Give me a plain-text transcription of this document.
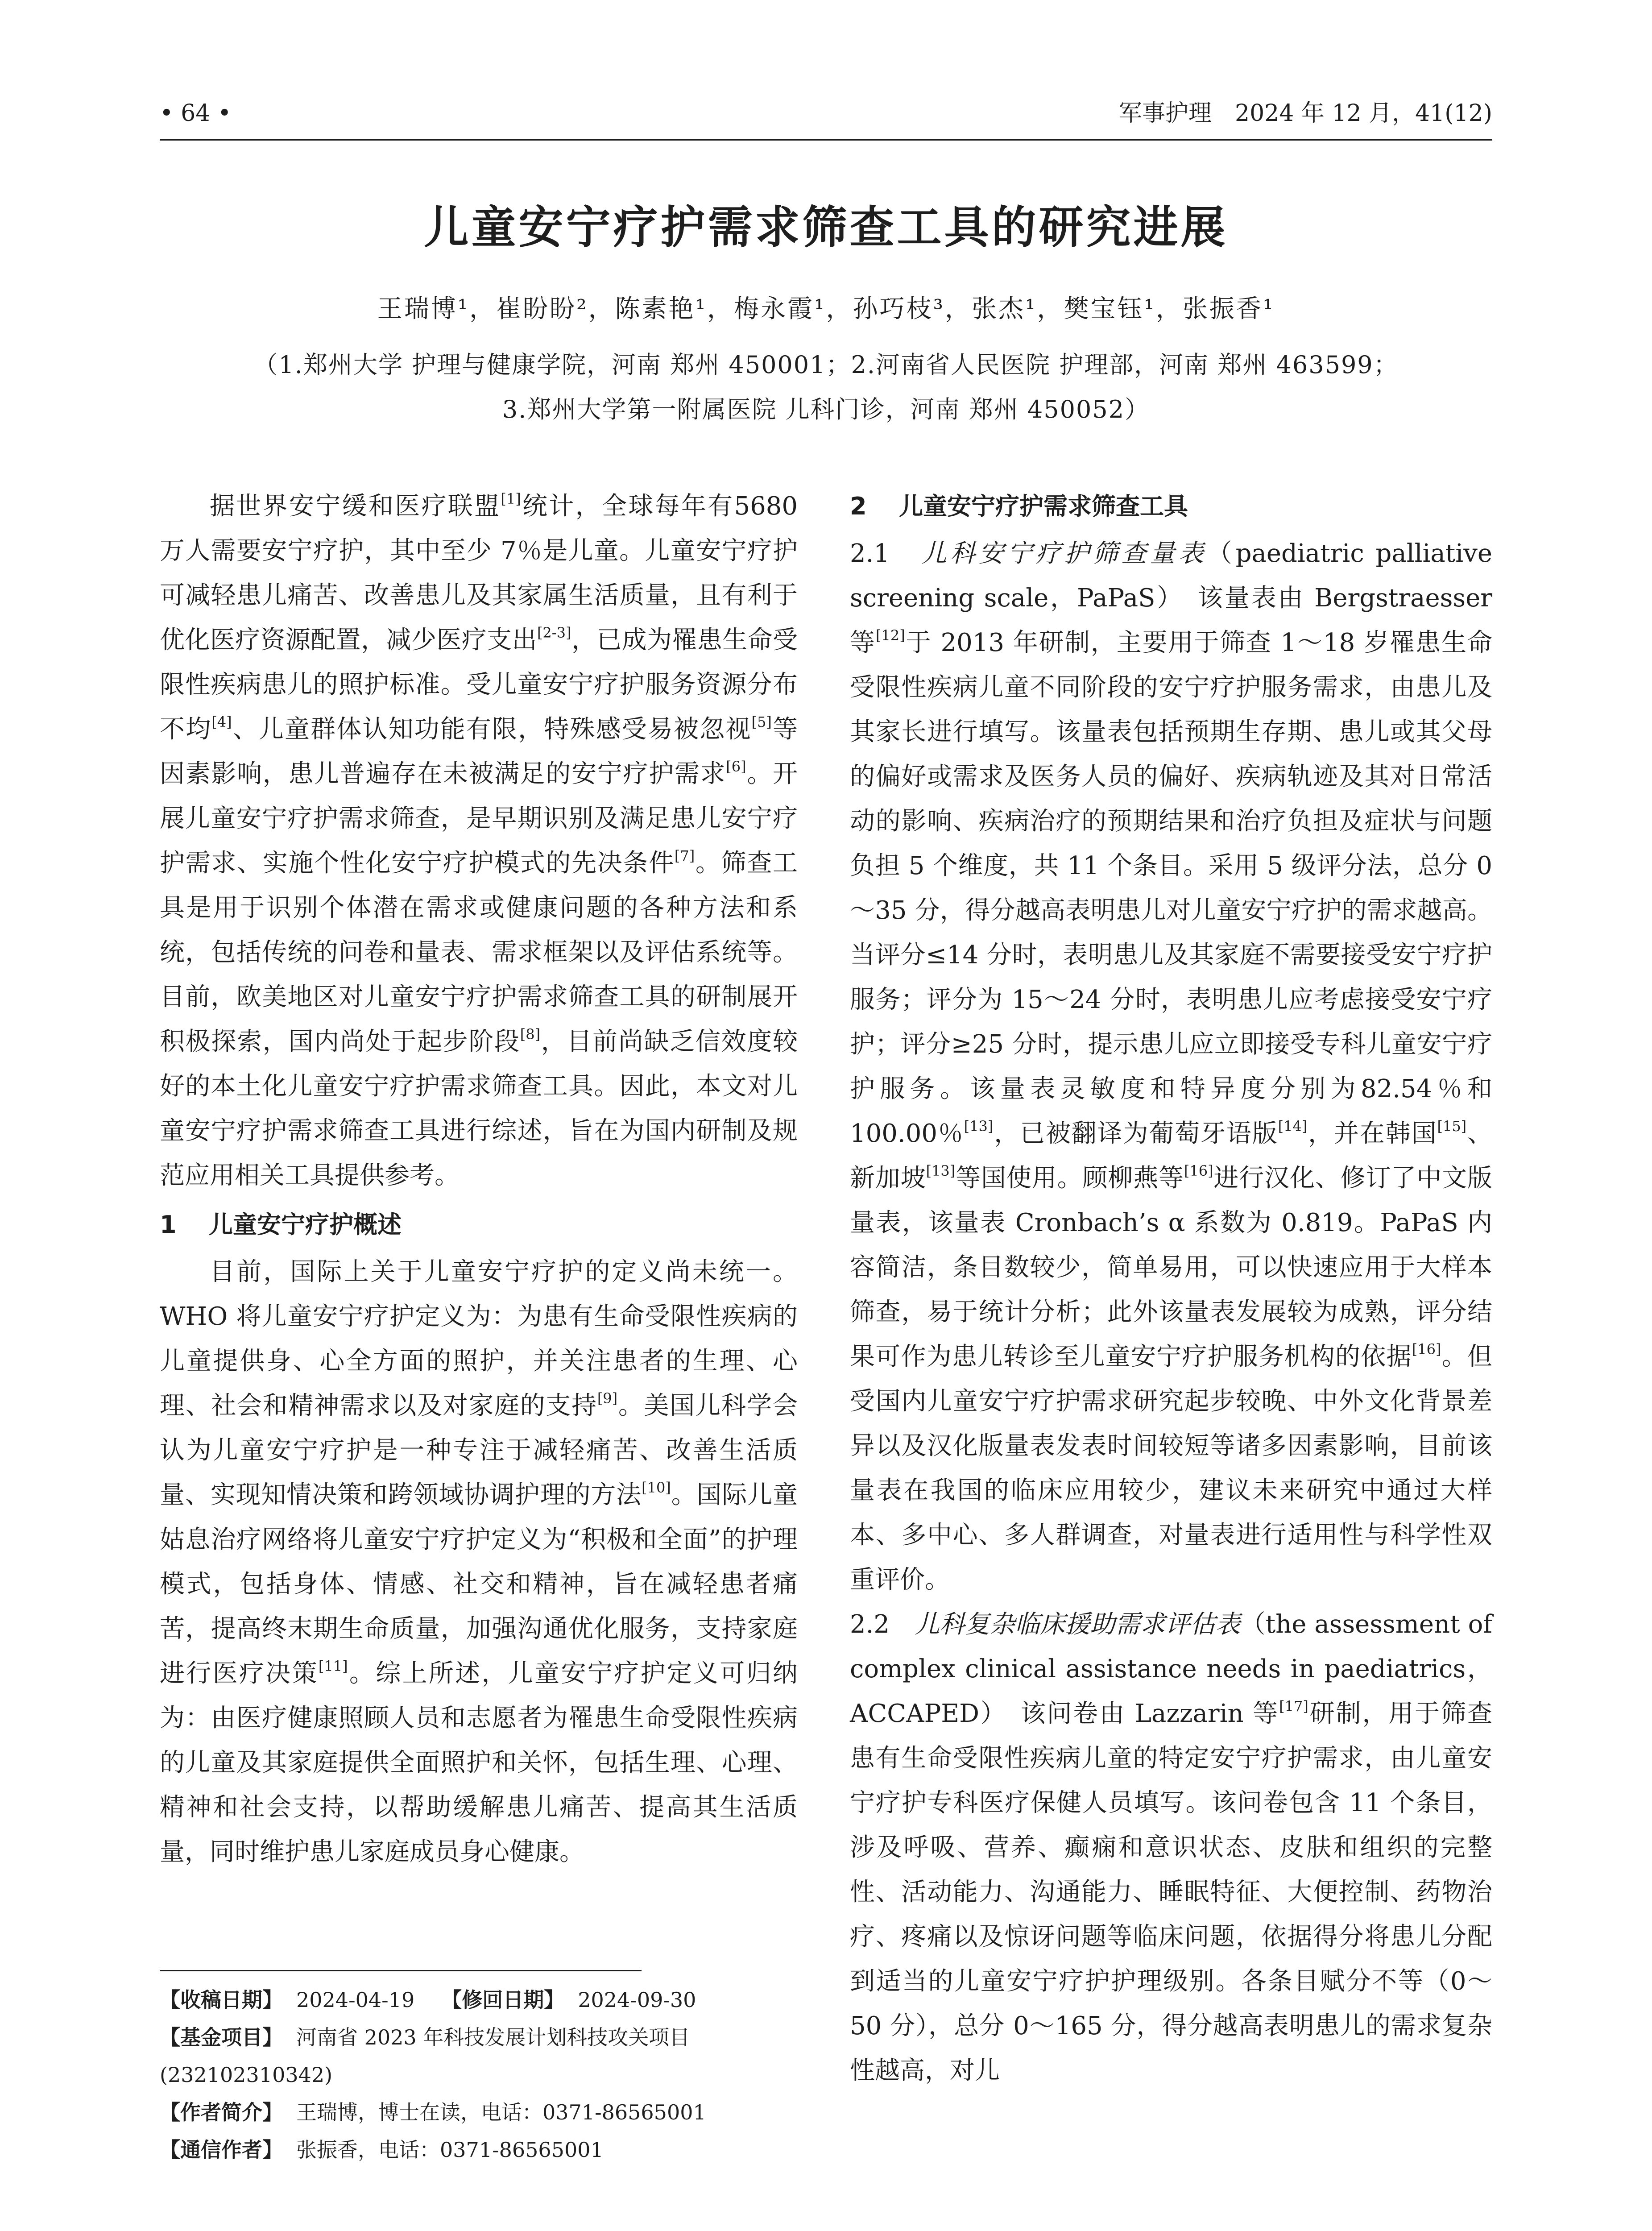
• 64 •	军事护理　2024 年 12 月，41(12)
儿童安宁疗护需求筛查工具的研究进展
王瑞博¹，崔盼盼²，陈素艳¹，梅永霞¹，孙巧枝³，张杰¹，樊宝钰¹，张振香¹
（1.郑州大学 护理与健康学院，河南 郑州 450001；2.河南省人民医院 护理部，河南 郑州 463599；
3.郑州大学第一附属医院 儿科门诊，河南 郑州 450052）

据世界安宁缓和医疗联盟[1]统计，全球每年有5680 万人需要安宁疗护，其中至少 7％是儿童。儿童安宁疗护可减轻患儿痛苦、改善患儿及其家属生活质量，且有利于优化医疗资源配置，减少医疗支出[2-3]，已成为罹患生命受限性疾病患儿的照护标准。受儿童安宁疗护服务资源分布不均[4]、儿童群体认知功能有限，特殊感受易被忽视[5]等因素影响，患儿普遍存在未被满足的安宁疗护需求[6]。开展儿童安宁疗护需求筛查，是早期识别及满足患儿安宁疗护需求、实施个性化安宁疗护模式的先决条件[7]。筛查工具是用于识别个体潜在需求或健康问题的各种方法和系统，包括传统的问卷和量表、需求框架以及评估系统等。目前，欧美地区对儿童安宁疗护需求筛查工具的研制展开积极探索，国内尚处于起步阶段[8]，目前尚缺乏信效度较好的本土化儿童安宁疗护需求筛查工具。因此，本文对儿童安宁疗护需求筛查工具进行综述，旨在为国内研制及规范应用相关工具提供参考。

1 儿童安宁疗护概述

目前，国际上关于儿童安宁疗护的定义尚未统一。WHO 将儿童安宁疗护定义为：为患有生命受限性疾病的儿童提供身、心全方面的照护，并关注患者的生理、心理、社会和精神需求以及对家庭的支持[9]。美国儿科学会认为儿童安宁疗护是一种专注于减轻痛苦、改善生活质量、实现知情决策和跨领域协调护理的方法[10]。国际儿童姑息治疗网络将儿童安宁疗护定义为“积极和全面”的护理模式，包括身体、情感、社交和精神，旨在减轻患者痛苦，提高终末期生命质量，加强沟通优化服务，支持家庭进行医疗决策[11]。综上所述，儿童安宁疗护定义可归纳为：由医疗健康照顾人员和志愿者为罹患生命受限性疾病的儿童及其家庭提供全面照护和关怀，包括生理、心理、精神和社会支持，以帮助缓解患儿痛苦、提高其生活质量，同时维护患儿家庭成员身心健康。

2 儿童安宁疗护需求筛查工具

2.1　 儿科安宁疗护筛查量表（paediatric palliative screening scale，PaPaS）　该量表由 Bergstraesser 等[12]于 2013 年研制，主要用于筛查 1～18 岁罹患生命受限性疾病儿童不同阶段的安宁疗护服务需求，由患儿及其家长进行填写。该量表包括预期生存期、患儿或其父母的偏好或需求及医务人员的偏好、疾病轨迹及其对日常活动的影响、疾病治疗的预期结果和治疗负担及症状与问题负担 5 个维度，共 11 个条目。采用 5 级评分法，总分 0～35 分，得分越高表明患儿对儿童安宁疗护的需求越高。当评分≤14 分时，表明患儿及其家庭不需要接受安宁疗护服务；评分为 15～24 分时，表明患儿应考虑接受安宁疗护；评分≥25 分时，提示患儿应立即接受专科儿童安宁疗护服务。该量表灵敏度和特异度分别为82.54％和 100.00％[13]，已被翻译为葡萄牙语版[14]，并在韩国[15]、新加坡[13]等国使用。顾柳燕等[16]进行汉化、修订了中文版量表，该量表 Cronbach’s α 系数为 0.819。PaPaS 内容简洁，条目数较少，简单易用，可以快速应用于大样本筛查，易于统计分析；此外该量表发展较为成熟，评分结果可作为患儿转诊至儿童安宁疗护服务机构的依据[16]。但受国内儿童安宁疗护需求研究起步较晚、中外文化背景差异以及汉化版量表发表时间较短等诸多因素影响，目前该量表在我国的临床应用较少，建议未来研究中通过大样本、多中心、多人群调查，对量表进行适用性与科学性双重评价。

2.2　 儿科复杂临床援助需求评估表（the assessment of complex clinical assistance needs in paediatrics，ACCAPED）　该问卷由 Lazzarin 等[17]研制，用于筛查患有生命受限性疾病儿童的特定安宁疗护需求，由儿童安宁疗护专科医疗保健人员填写。该问卷包含 11 个条目，涉及呼吸、营养、癫痫和意识状态、皮肤和组织的完整性、活动能力、沟通能力、睡眠特征、大便控制、药物治疗、疼痛以及惊讶问题等临床问题，依据得分将患儿分配到适当的儿童安宁疗护护理级别。各条目赋分不等（0～50 分），总分 0～165 分，得分越高表明患儿的需求复杂性越高，对儿

【收稿日期】 2024-04-19 【修回日期】 2024-09-30
【基金项目】 河南省 2023 年科技发展计划科技攻关项目
(232102310342)
【作者简介】 王瑞博，博士在读，电话：0371-86565001
【通信作者】 张振香，电话：0371-86565001
